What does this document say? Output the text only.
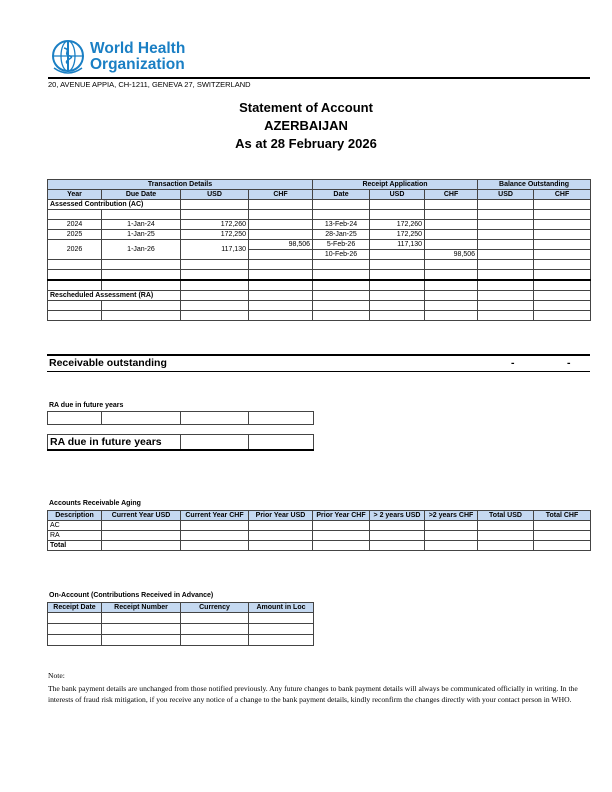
World Health
Organization
20, AVENUE APPIA, CH-1211, GENEVA 27, SWITZERLAND
Statement of Account
AZERBAIJAN
As at 28 February 2026
Transaction Details				Receipt Application			Balance Outstanding	
Year	Due Date	USD	CHF	Date	USD	CHF	USD	CHF
Assessed Contribution (AC)								

2024	1-Jan-24	172,260		13-Feb-24	172,260			
2025	1-Jan-25	172,250		28-Jan-25	172,250			
2026	1-Jan-26	117,130	98,506	5-Feb-26	117,130			
				10-Feb-26		98,506		

Rescheduled Assessment (RA)								

Receivable outstanding	-	-
RA due in future years

RA due in future years		
Accounts Receivable Aging
Description	Current Year USD	Current Year CHF	Prior Year USD	Prior Year CHF	> 2 years USD	>2 years CHF	Total USD	Total CHF
AC								
RA								
Total								
On-Account (Contributions Received in Advance)
Receipt Date	Receipt Number	Currency	Amount in Loc

Note:
The bank payment details are unchanged from those notified previously. Any future changes to bank payment details will always be communicated officially in writing. In the interests of fraud risk mitigation, if you receive any notice of a change to the bank payment details, kindly reconfirm the changes directly with your contact person in WHO.
